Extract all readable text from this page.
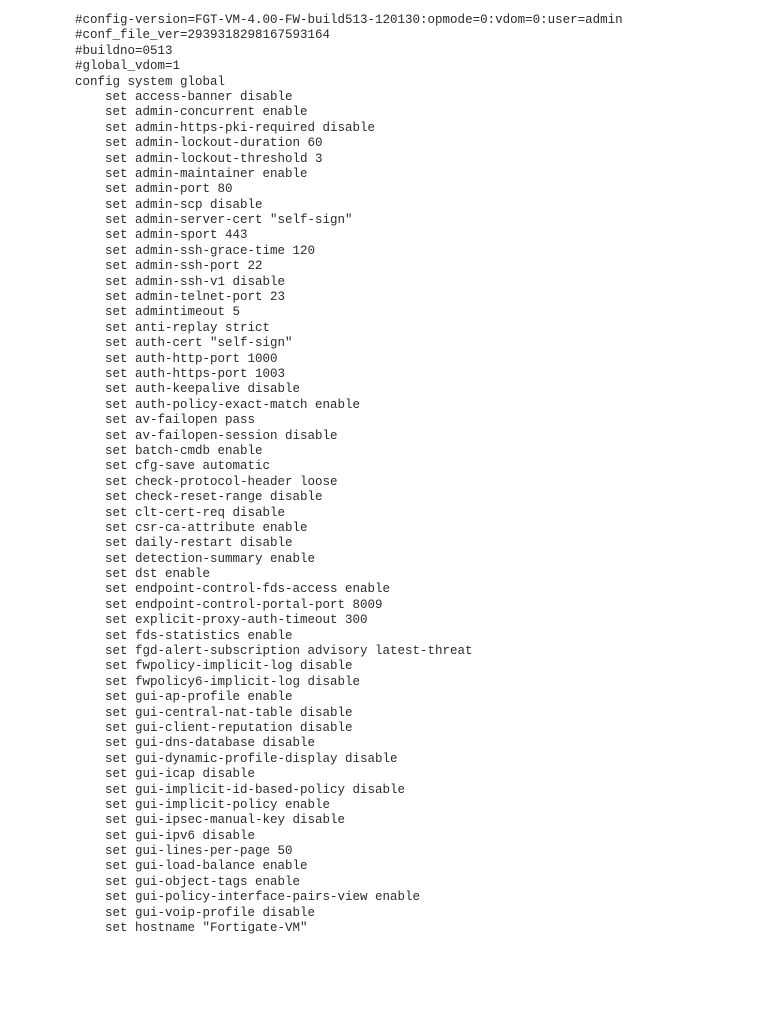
#config-version=FGT-VM-4.00-FW-build513-120130:opmode=0:vdom=0:user=admin
#conf_file_ver=2939318298167593164
#buildno=0513
#global_vdom=1
config system global
set access-banner disable
set admin-concurrent enable
set admin-https-pki-required disable
set admin-lockout-duration 60
set admin-lockout-threshold 3
set admin-maintainer enable
set admin-port 80
set admin-scp disable
set admin-server-cert "self-sign"
set admin-sport 443
set admin-ssh-grace-time 120
set admin-ssh-port 22
set admin-ssh-v1 disable
set admin-telnet-port 23
set admintimeout 5
set anti-replay strict
set auth-cert "self-sign"
set auth-http-port 1000
set auth-https-port 1003
set auth-keepalive disable
set auth-policy-exact-match enable
set av-failopen pass
set av-failopen-session disable
set batch-cmdb enable
set cfg-save automatic
set check-protocol-header loose
set check-reset-range disable
set clt-cert-req disable
set csr-ca-attribute enable
set daily-restart disable
set detection-summary enable
set dst enable
set endpoint-control-fds-access enable
set endpoint-control-portal-port 8009
set explicit-proxy-auth-timeout 300
set fds-statistics enable
set fgd-alert-subscription advisory latest-threat
set fwpolicy-implicit-log disable
set fwpolicy6-implicit-log disable
set gui-ap-profile enable
set gui-central-nat-table disable
set gui-client-reputation disable
set gui-dns-database disable
set gui-dynamic-profile-display disable
set gui-icap disable
set gui-implicit-id-based-policy disable
set gui-implicit-policy enable
set gui-ipsec-manual-key disable
set gui-ipv6 disable
set gui-lines-per-page 50
set gui-load-balance enable
set gui-object-tags enable
set gui-policy-interface-pairs-view enable
set gui-voip-profile disable
set hostname "Fortigate-VM"
